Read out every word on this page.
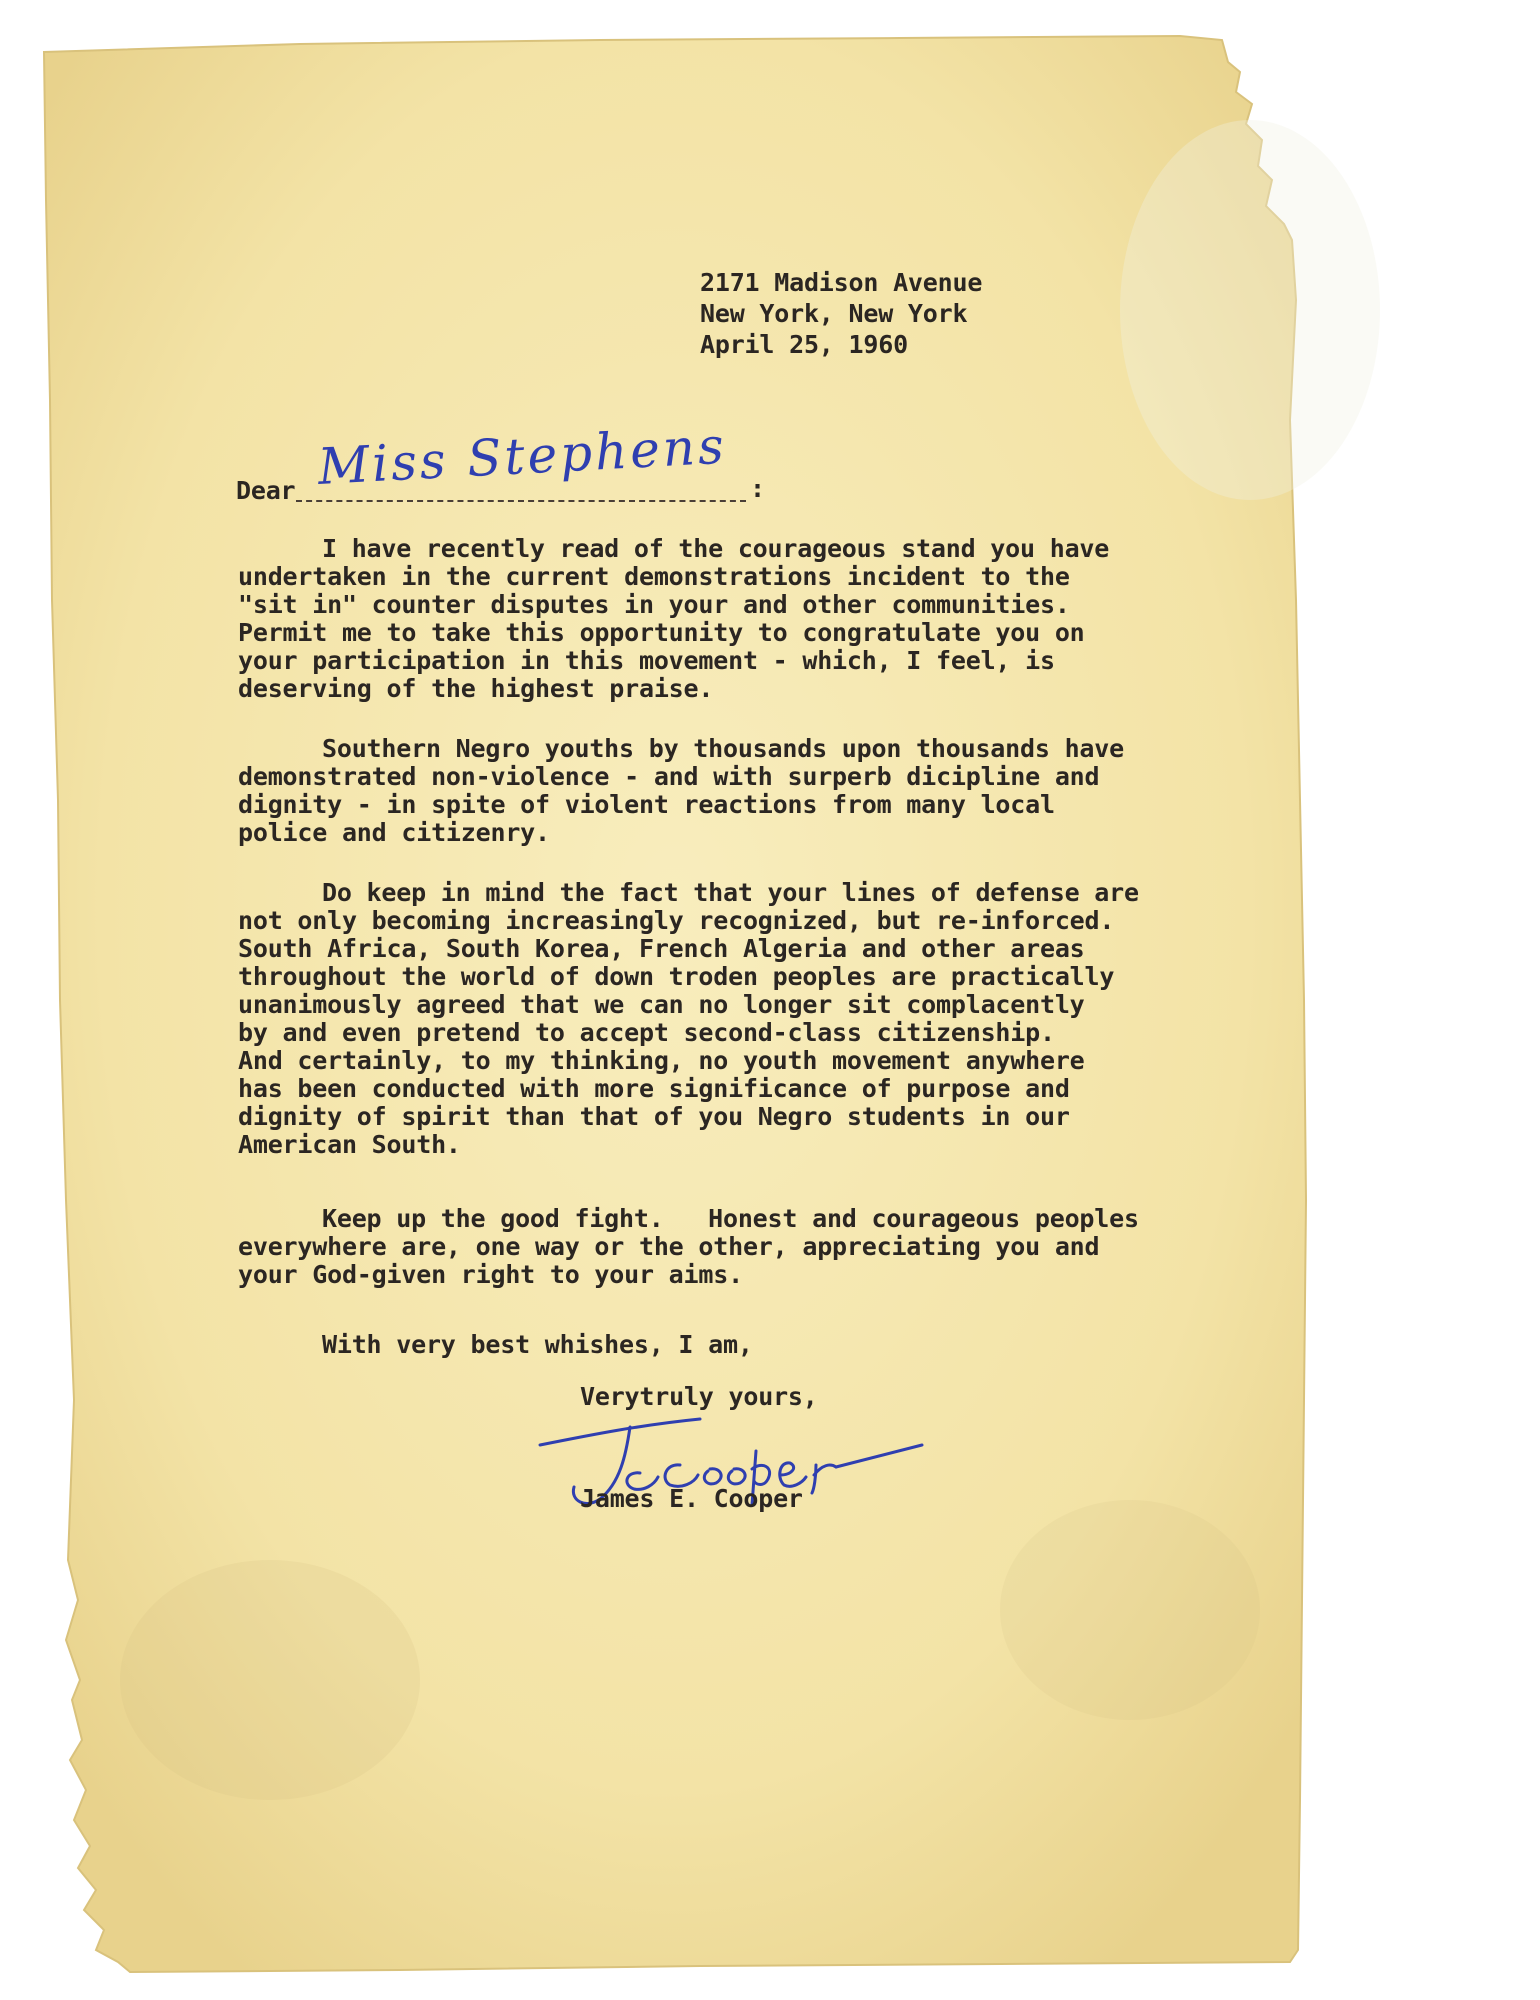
2171 Madison Avenue
New York, New York
April 25, 1960
Dear	:
Miss Stephens
I have recently read of the courageous stand you have
undertaken in the current demonstrations incident to the
"sit in" counter disputes in your and other communities.
Permit me to take this opportunity to congratulate you on
your participation in this movement - which, I feel, is
deserving of the highest praise.
Southern Negro youths by thousands upon thousands have
demonstrated non-violence - and with surperb dicipline and
dignity - in spite of violent reactions from many local
police and citizenry.
Do keep in mind the fact that your lines of defense are
not only becoming increasingly recognized, but re-inforced.
South Africa, South Korea, French Algeria and other areas
throughout the world of down troden peoples are practically
unanimously agreed that we can no longer sit complacently
by and even pretend to accept second-class citizenship.
And certainly, to my thinking, no youth movement anywhere
has been conducted with more significance of purpose and
dignity of spirit than that of you Negro students in our
American South.
Keep up the good fight.   Honest and courageous peoples
everywhere are, one way or the other, appreciating you and
your God-given right to your aims.
With very best whishes, I am,
Verytruly yours,
James E. Cooper
